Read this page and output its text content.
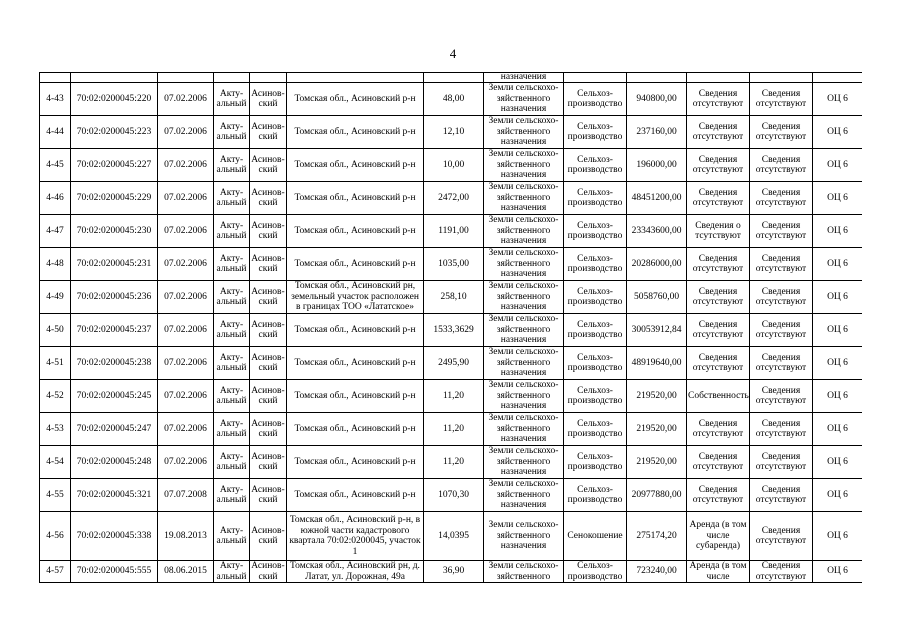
4
							назначения					
4-43	70:02:0200045:220	07.02.2006	Акту-альный	Асинов-ский	Томская обл., Асиновский р-н	48,00	Земли сельскохо-зяйственного назначения	Сельхоз-производство	940800,00	Сведения отсутствуют	Сведения отсутствуют	ОЦ 6
4-44	70:02:0200045:223	07.02.2006	Акту-альный	Асинов-ский	Томская обл., Асиновский р-н	12,10	Земли сельскохо-зяйственного назначения	Сельхоз-производство	237160,00	Сведения отсутствуют	Сведения отсутствуют	ОЦ 6
4-45	70:02:0200045:227	07.02.2006	Акту-альный	Асинов-ский	Томская обл., Асиновский р-н	10,00	Земли сельскохо-зяйственного назначения	Сельхоз-производство	196000,00	Сведения отсутствуют	Сведения отсутствуют	ОЦ 6
4-46	70:02:0200045:229	07.02.2006	Акту-альный	Асинов-ский	Томская обл., Асиновский р-н	2472,00	Земли сельскохо-зяйственного назначения	Сельхоз-производство	48451200,00	Сведения отсутствуют	Сведения отсутствуют	ОЦ 6
4-47	70:02:0200045:230	07.02.2006	Акту-альный	Асинов-ский	Томская обл., Асиновский р-н	1191,00	Земли сельскохо-зяйственного назначения	Сельхоз-производство	23343600,00	Сведения о тсутствуют	Сведения отсутствуют	ОЦ 6
4-48	70:02:0200045:231	07.02.2006	Акту-альный	Асинов-ский	Томская обл., Асиновский р-н	1035,00	Земли сельскохо-зяйственного назначения	Сельхоз-производство	20286000,00	Сведения отсутствуют	Сведения отсутствуют	ОЦ 6
4-49	70:02:0200045:236	07.02.2006	Акту-альный	Асинов-ский	Томская обл., Асиновский рн, земельный участок расположен в границах ТОО «Лататское»	258,10	Земли сельскохо-зяйственного назначения	Сельхоз-производство	5058760,00	Сведения отсутствуют	Сведения отсутствуют	ОЦ 6
4-50	70:02:0200045:237	07.02.2006	Акту-альный	Асинов-ский	Томская обл., Асиновский р-н	1533,3629	Земли сельскохо-зяйственного назначения	Сельхоз-производство	30053912,84	Сведения отсутствуют	Сведения отсутствуют	ОЦ 6
4-51	70:02:0200045:238	07.02.2006	Акту-альный	Асинов-ский	Томская обл., Асиновский р-н	2495,90	Земли сельскохо-зяйственного назначения	Сельхоз-производство	48919640,00	Сведения отсутствуют	Сведения отсутствуют	ОЦ 6
4-52	70:02:0200045:245	07.02.2006	Акту-альный	Асинов-ский	Томская обл., Асиновский р-н	11,20	Земли сельскохо-зяйственного назначения	Сельхоз-производство	219520,00	Собственность	Сведения отсутствуют	ОЦ 6
4-53	70:02:0200045:247	07.02.2006	Акту-альный	Асинов-ский	Томская обл., Асиновский р-н	11,20	Земли сельскохо-зяйственного назначения	Сельхоз-производство	219520,00	Сведения отсутствуют	Сведения отсутствуют	ОЦ 6
4-54	70:02:0200045:248	07.02.2006	Акту-альный	Асинов-ский	Томская обл., Асиновский р-н	11,20	Земли сельскохо-зяйственного назначения	Сельхоз-производство	219520,00	Сведения отсутствуют	Сведения отсутствуют	ОЦ 6
4-55	70:02:0200045:321	07.07.2008	Акту-альный	Асинов-ский	Томская обл., Асиновский р-н	1070,30	Земли сельскохо-зяйственного назначения	Сельхоз-производство	20977880,00	Сведения отсутствуют	Сведения отсутствуют	ОЦ 6
4-56	70:02:0200045:338	19.08.2013	Акту-альный	Асинов-ский	Томская обл., Асиновский р-н, в южной части кадастрового квартала 70:02:0200045, участок 1	14,0395	Земли сельскохо-зяйственного назначения	Сенокошение	275174,20	Аренда (в том числе субаренда)	Сведения отсутствуют	ОЦ 6
4-57	70:02:0200045:555	08.06.2015	Акту-альный	Асинов-ский	Томская обл., Асиновский рн, д. Латат, ул. Дорожная, 49а	36,90	Земли сельскохо-зяйственного	Сельхоз-производство	723240,00	Аренда (в том числе	Сведения отсутствуют	ОЦ 6
